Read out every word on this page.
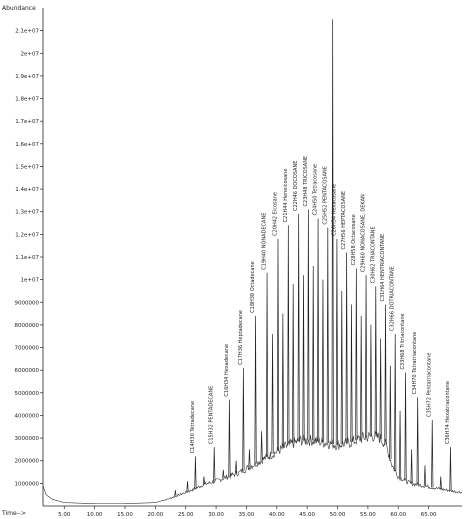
1000000
2000000
3000000
4000000
5000000
6000000
7000000
8000000
9000000
1e+07
1.1e+07
1.2e+07
1.3e+07
1.4e+07
1.5e+07
1.6e+07
1.7e+07
1.8e+07
1.9e+07
2e+07
2.1e+07
5.00	10.00	15.00	20.00	25.00	30.00	35.00	40.00	45.00	50.00	55.00	60.00	65.00
C14H30 Tetradecane	C15H32 PENTADECANE
C16H34 Hexadecane
C17H36 Heptadecane
C18H38 Octadecane
C19H40 NONADECANE C20H42 Eicosane C21H44 Heneicosane C22H46 DOCOSANE C23H48 TRICOSANE C24H50 Tetracosane C25H52 PENTACOSANE C26H54 Hexacosane C27H56 HEPTACOSANE C28H58 Octacosane C29H60 NONACOSANE, DEKAN C30H62 TRIACONTANE C31H64 HENTRIACONTANE C32H66 DOTRIACONTANE
C33H68 Tritriacontane C34H70 Tetratriacontane C35H72 Pentatriacontane C36H74 Hexatriacontane
Abundance
Time-->
